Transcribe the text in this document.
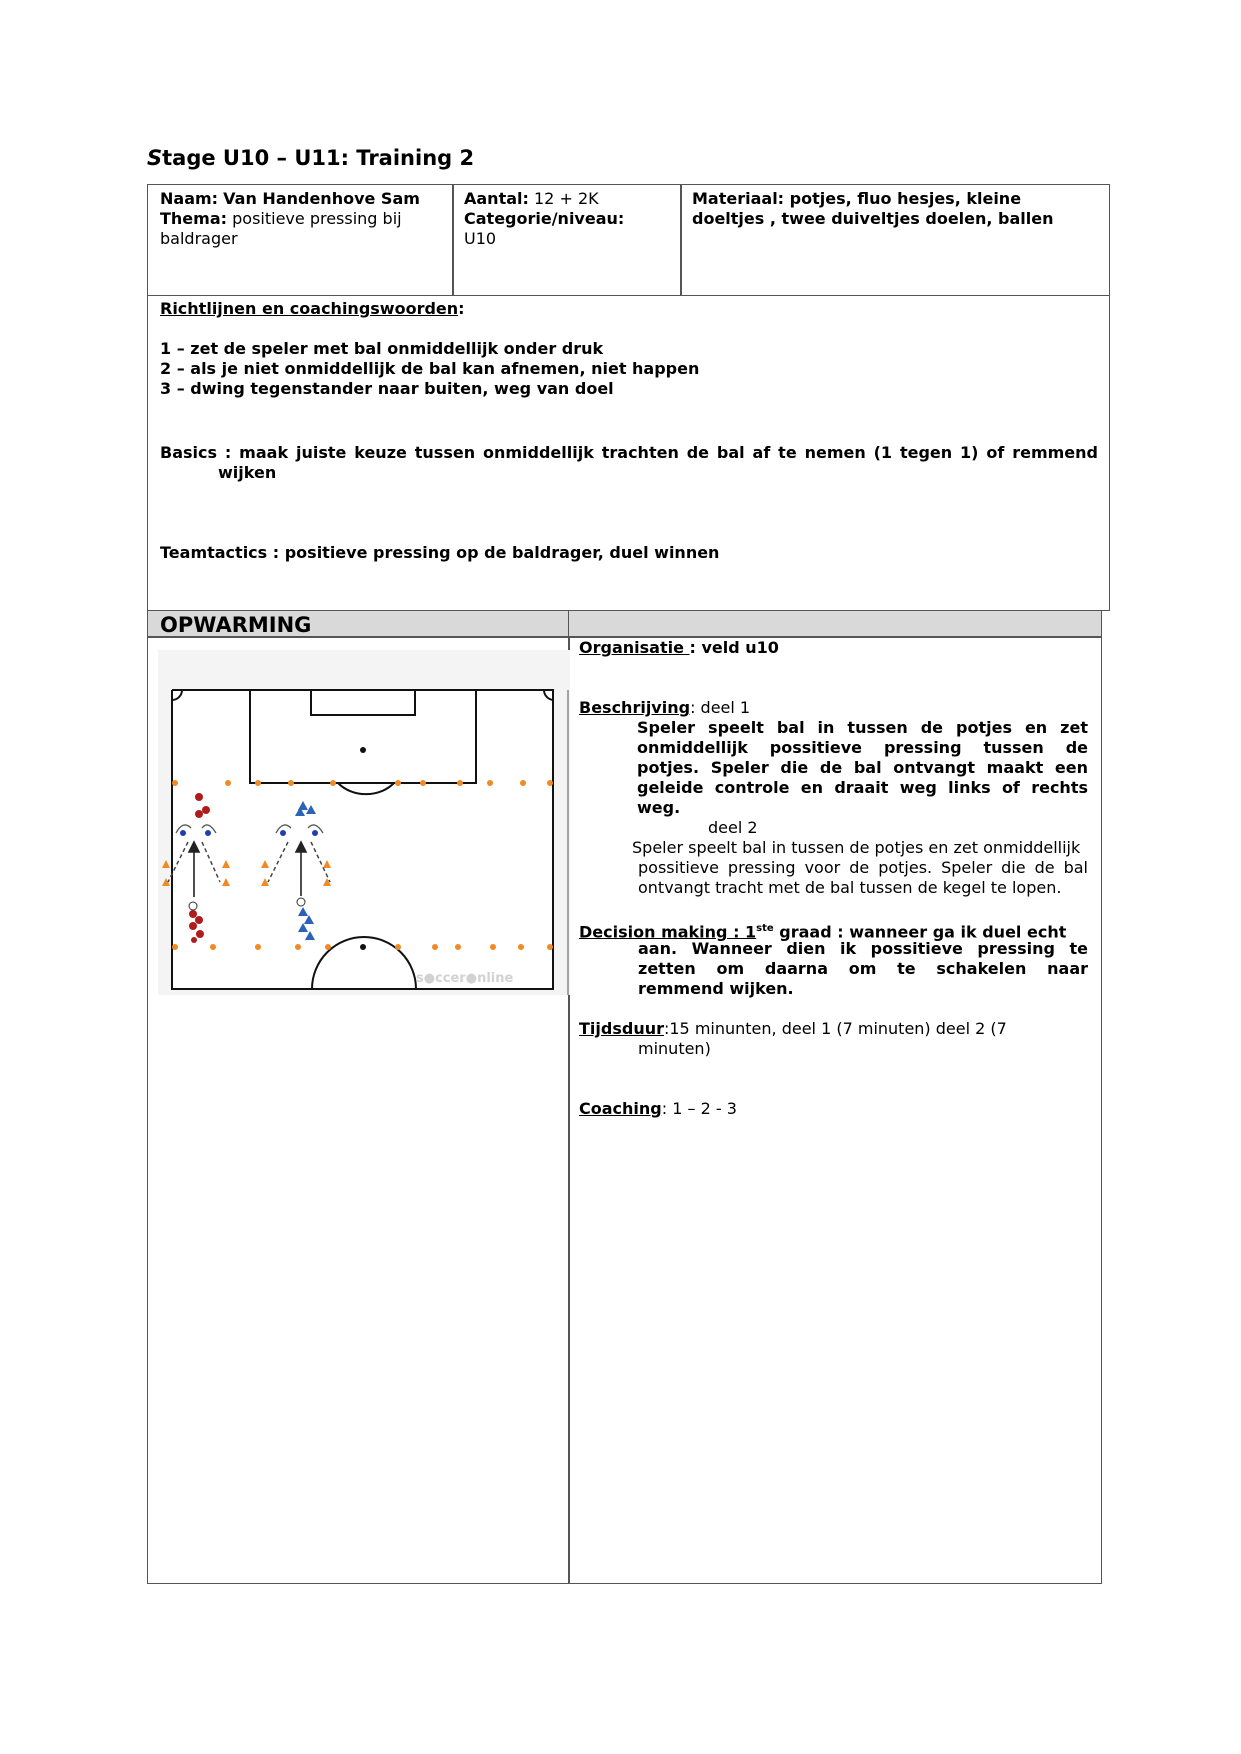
Stage U10 – U11: Training 2
Naam: Van Handenhove Sam
Thema: positieve pressing bij baldrager
Aantal: 12 + 2K
Categorie/niveau:
U10
Materiaal: potjes, fluo hesjes, kleine doeltjes , twee duiveltjes doelen, ballen
Richtlijnen en coachingswoorden:
1 – zet de speler met bal onmiddellijk onder druk
2 – als je niet onmiddellijk de bal kan afnemen, niet happen
3 – dwing tegenstander naar buiten, weg van doel
Basics : maak juiste keuze tussen onmiddellijk trachten de bal af te nemen (1 tegen 1) of remmend
wijken
Teamtactics : positieve pressing op de baldrager, duel winnen
OPWARMING
s●ccer●nline
Organisatie : veld u10
Beschrijving: deel 1
Speler speelt bal in tussen de potjes en zet onmiddellijk possitieve pressing tussen de potjes. Speler die de bal ontvangt maakt een geleide controle en draait weg links of rechts weg.
deel 2
Speler speelt bal in tussen de potjes en zet onmiddellijk
possitieve pressing voor de potjes. Speler die de bal ontvangt tracht met de bal tussen de kegel te lopen.
Decision making : 1ste graad : wanneer ga ik duel echt
aan. Wanneer dien ik possitieve pressing te zetten om daarna om te schakelen naar remmend wijken.
Tijdsduur:15 minunten, deel 1 (7 minuten) deel 2 (7
minuten)
Coaching: 1 – 2 - 3
